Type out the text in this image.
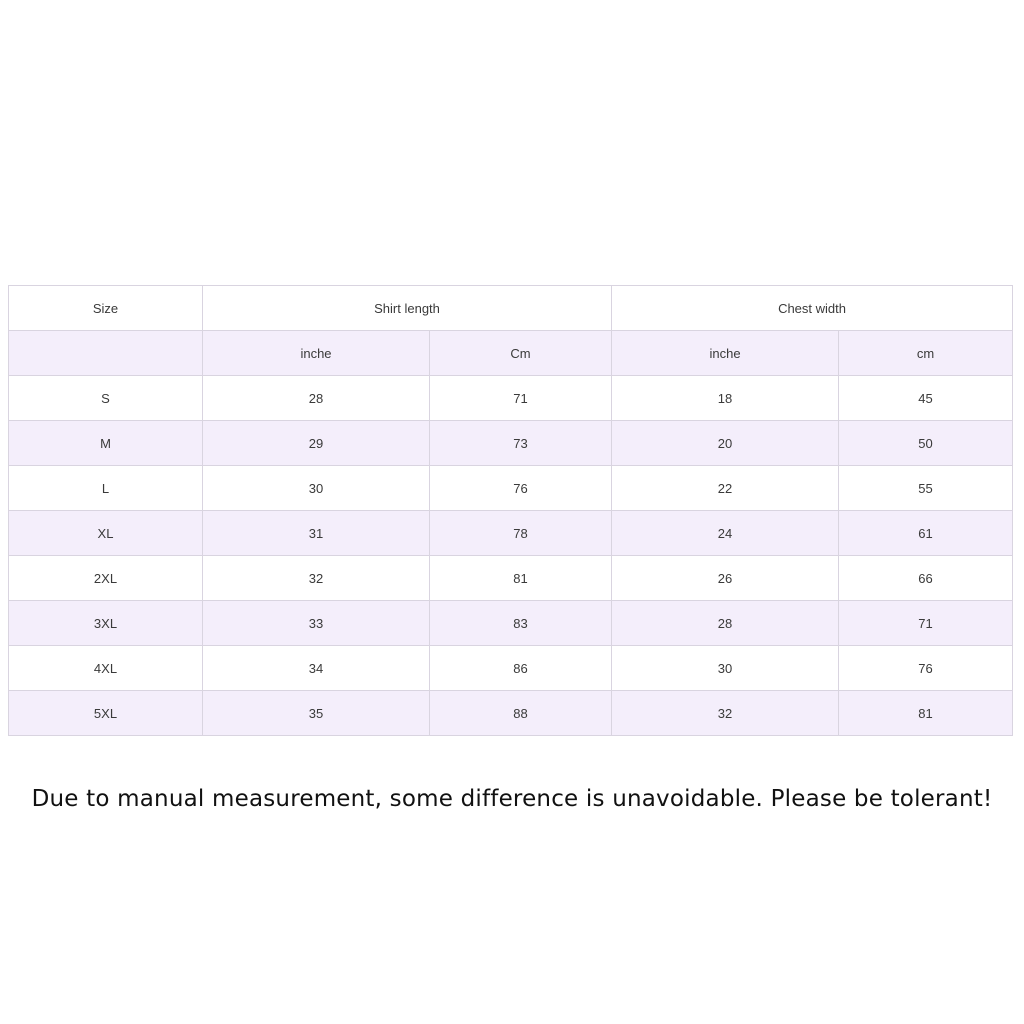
Size	Shirt length		Chest width	
	inche	Cm	inche	cm
S	28	71	18	45
M	29	73	20	50
L	30	76	22	55
XL	31	78	24	61
2XL	32	81	26	66
3XL	33	83	28	71
4XL	34	86	30	76
5XL	35	88	32	81
Due to manual measurement, some difference is unavoidable. Please be tolerant!
